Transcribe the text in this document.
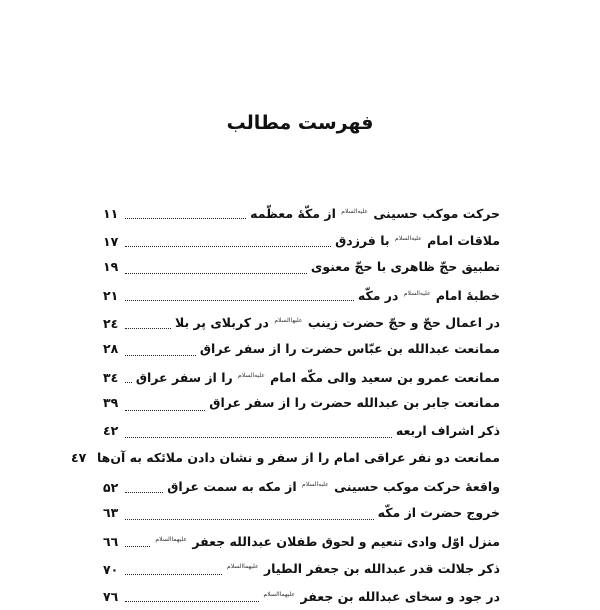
فهرست مطالب
حرکت موکب حسینی $^{علیه‌السلام}$ از مکّهٔ معظّمه
۱۱
ملاقات امام $^{علیه‌السلام}$ با فرزدق
۱۷
تطبیق حجّ ظاهری با حجّ معنوی
۱۹
خطبهٔ امام $^{علیه‌السلام}$ در مکّه
۲۱
در اعمال حجّ و حجّ حضرت زینب $^{علیهاالسلام}$ در کربلای پر بلا
۲٤
ممانعت عبدالله بن عبّاس حضرت را از سفر عراق
۲۸
ممانعت عمرو بن سعید والی مکّه امام $^{علیه‌السلام}$ را از سفر عراق
۳٤
ممانعت جابر بن عبدالله حضرت را از سفر عراق
۳۹
ذکر اشراف اربعه
٤۲
ممانعت دو نفر عراقی امام را از سفر و نشان دادن ملائکه به آن‌ها
٤۷
واقعهٔ حرکت موکب حسینی $^{علیه‌السلام}$ از مکه به سمت عراق
۵۲
خروج حضرت از مکّه
٦۳
منزل اوّل وادی تنعیم و لحوق طفلان عبدالله جعفر $^{علیهماالسلام}$
٦٦
ذکر جلالت قدر عبدالله بن جعفر الطیار $^{علیهماالسلام}$
۷۰
در جود و سخای عبدالله بن جعفر $^{علیهماالسلام}$
۷٦
